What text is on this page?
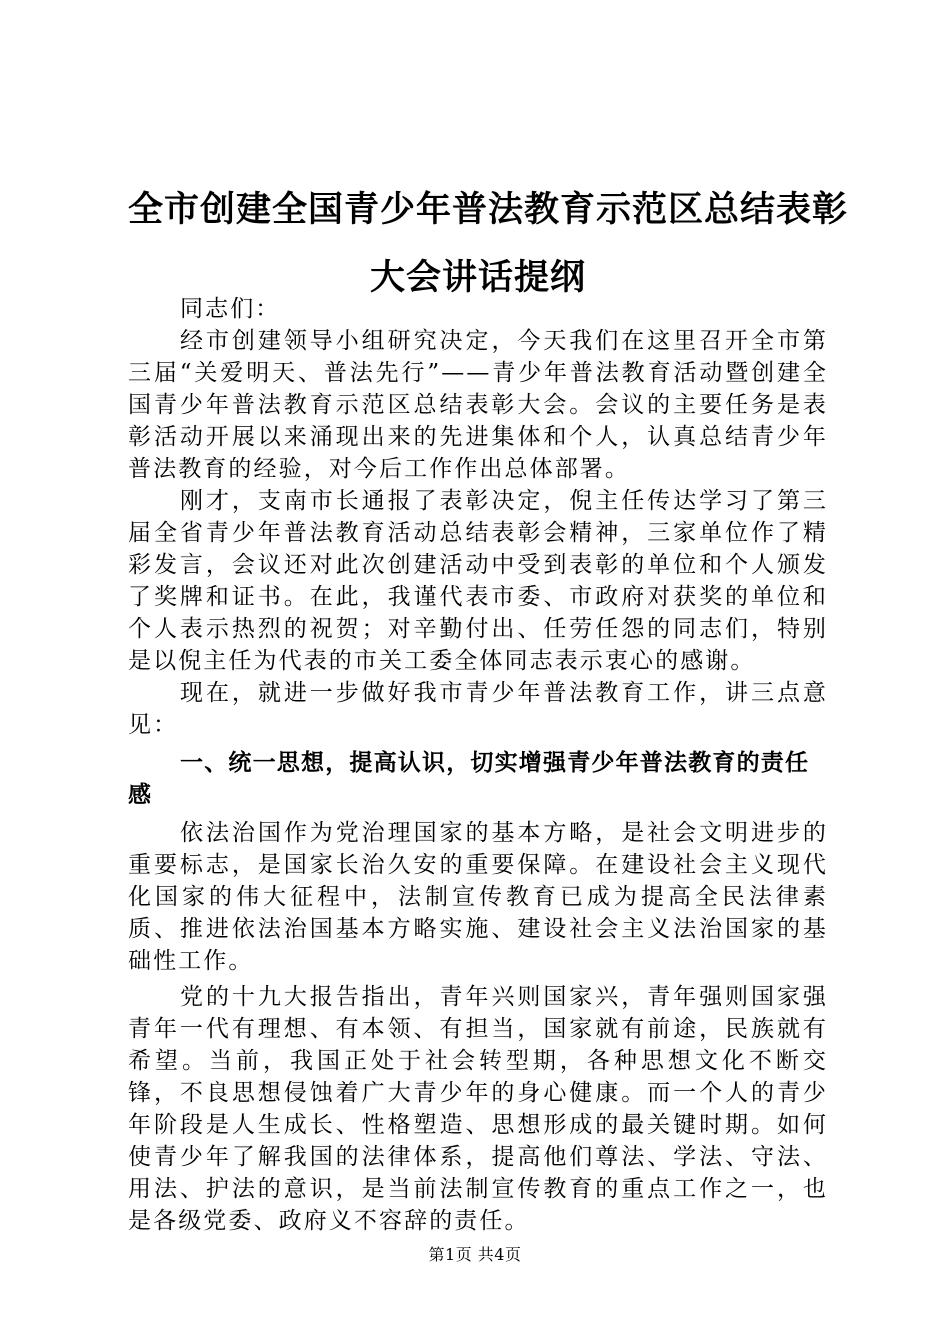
全市创建全国青少年普法教育示范区总结表彰
大会讲话提纲

同志们：

经市创建领导小组研究决定，今天我们在这里召开全市第三届“关爱明天、普法先行”——青少年普法教育活动暨创建全国青少年普法教育示范区总结表彰大会。会议的主要任务是表彰活动开展以来涌现出来的先进集体和个人，认真总结青少年普法教育的经验，对今后工作作出总体部署。

刚才，支南市长通报了表彰决定，倪主任传达学习了第三届全省青少年普法教育活动总结表彰会精神，三家单位作了精彩发言，会议还对此次创建活动中受到表彰的单位和个人颁发了奖牌和证书。在此，我谨代表市委、市政府对获奖的单位和个人表示热烈的祝贺；对辛勤付出、任劳任怨的同志们，特别是以倪主任为代表的市关工委全体同志表示衷心的感谢。

现在，就进一步做好我市青少年普法教育工作，讲三点意见：

一、统一思想，提高认识，切实增强青少年普法教育的责任感

依法治国作为党治理国家的基本方略，是社会文明进步的重要标志，是国家长治久安的重要保障。在建设社会主义现代化国家的伟大征程中，法制宣传教育已成为提高全民法律素质、推进依法治国基本方略实施、建设社会主义法治国家的基础性工作。

党的十九大报告指出，青年兴则国家兴，青年强则国家强青年一代有理想、有本领、有担当，国家就有前途，民族就有希望。当前，我国正处于社会转型期，各种思想文化不断交锋，不良思想侵蚀着广大青少年的身心健康。而一个人的青少年阶段是人生成长、性格塑造、思想形成的最关键时期。如何使青少年了解我国的法律体系，提高他们尊法、学法、守法、用法、护法的意识，是当前法制宣传教育的重点工作之一，也是各级党委、政府义不容辞的责任。

第1页 共4页
